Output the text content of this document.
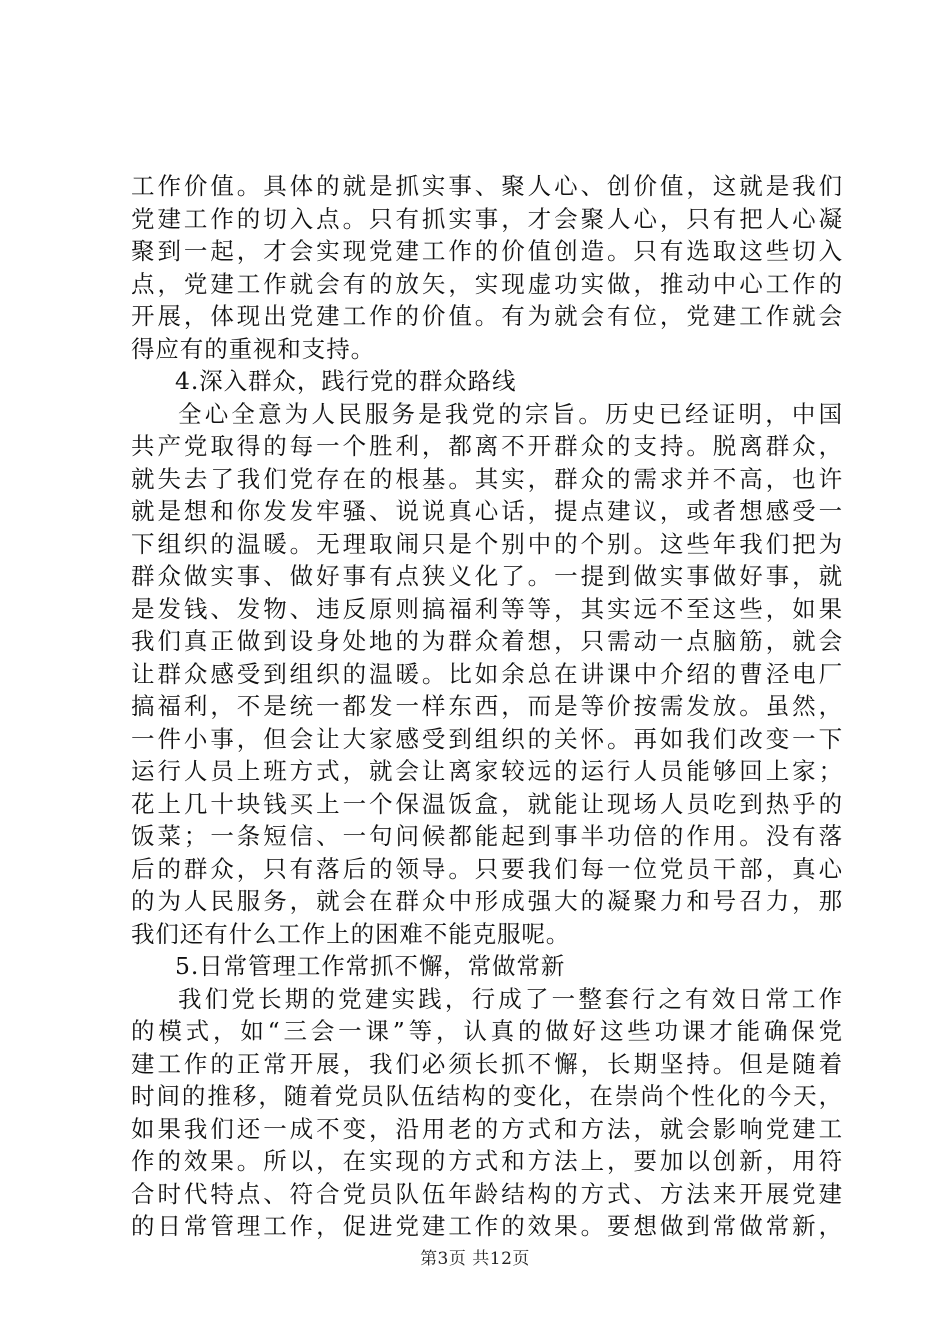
工作价值。具体的就是抓实事、聚人心、创价值，这就是我们
党建工作的切入点。只有抓实事，才会聚人心，只有把人心凝
聚到一起，才会实现党建工作的价值创造。只有选取这些切入
点，党建工作就会有的放矢，实现虚功实做，推动中心工作的
开展，体现出党建工作的价值。有为就会有位，党建工作就会
得应有的重视和支持。
4.深入群众，践行党的群众路线
全心全意为人民服务是我党的宗旨。历史已经证明，中国
共产党取得的每一个胜利，都离不开群众的支持。脱离群众，
就失去了我们党存在的根基。其实，群众的需求并不高，也许
就是想和你发发牢骚、说说真心话，提点建议，或者想感受一
下组织的温暖。无理取闹只是个别中的个别。这些年我们把为
群众做实事、做好事有点狭义化了。一提到做实事做好事，就
是发钱、发物、违反原则搞福利等等，其实远不至这些，如果
我们真正做到设身处地的为群众着想，只需动一点脑筋，就会
让群众感受到组织的温暖。比如余总在讲课中介绍的曹泾电厂
搞福利，不是统一都发一样东西，而是等价按需发放。虽然，
一件小事，但会让大家感受到组织的关怀。再如我们改变一下
运行人员上班方式，就会让离家较远的运行人员能够回上家；
花上几十块钱买上一个保温饭盒，就能让现场人员吃到热乎的
饭菜；一条短信、一句问候都能起到事半功倍的作用。没有落
后的群众，只有落后的领导。只要我们每一位党员干部，真心
的为人民服务，就会在群众中形成强大的凝聚力和号召力，那
我们还有什么工作上的困难不能克服呢。
5.日常管理工作常抓不懈，常做常新
我们党长期的党建实践，行成了一整套行之有效日常工作
的模式，如“三会一课”等，认真的做好这些功课才能确保党
建工作的正常开展，我们必须长抓不懈，长期坚持。但是随着
时间的推移，随着党员队伍结构的变化，在崇尚个性化的今天，
如果我们还一成不变，沿用老的方式和方法，就会影响党建工
作的效果。所以，在实现的方式和方法上，要加以创新，用符
合时代特点、符合党员队伍年龄结构的方式、方法来开展党建
的日常管理工作，促进党建工作的效果。要想做到常做常新，
第3页 共12页
